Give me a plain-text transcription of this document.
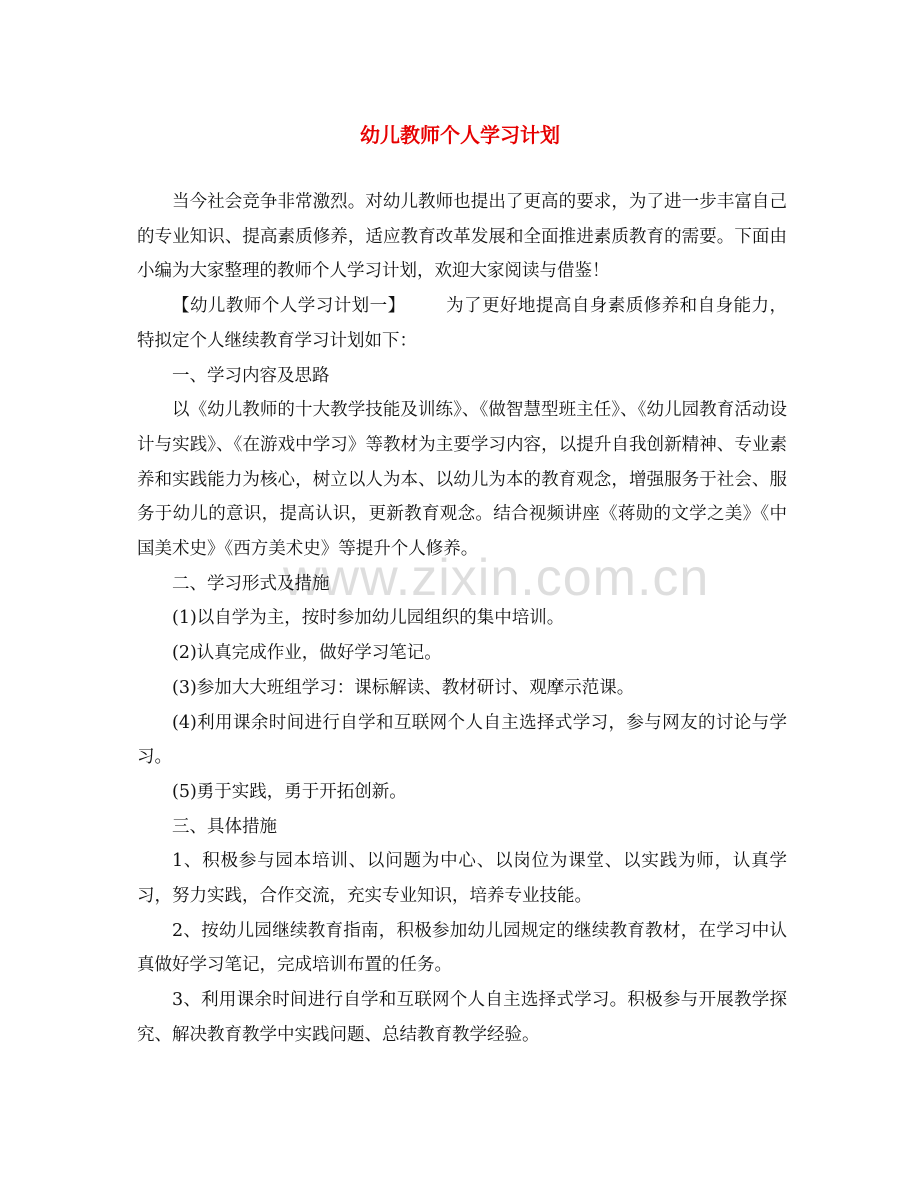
幼儿教师个人学习计划

当今社会竞争非常激烈。对幼儿教师也提出了更高的要求，为了进一步丰富自己的专业知识、提高素质修养，适应教育改革发展和全面推进素质教育的需要。下面由小编为大家整理的教师个人学习计划，欢迎大家阅读与借鉴！

【幼儿教师个人学习计划一】 为了更好地提高自身素质修养和自身能力，特拟定个人继续教育学习计划如下：

一、学习内容及思路

以《幼儿教师的十大教学技能及训练》、《做智慧型班主任》、《幼儿园教育活动设计与实践》、《在游戏中学习》等教材为主要学习内容，以提升自我创新精神、专业素养和实践能力为核心，树立以人为本、以幼儿为本的教育观念，增强服务于社会、服务于幼儿的意识，提高认识，更新教育观念。结合视频讲座《蒋勋的文学之美》《中国美术史》《西方美术史》等提升个人修养。

二、学习形式及措施

(1)以自学为主，按时参加幼儿园组织的集中培训。

(2)认真完成作业，做好学习笔记。

(3)参加大大班组学习：课标解读、教材研讨、观摩示范课。

(4)利用课余时间进行自学和互联网个人自主选择式学习，参与网友的讨论与学习。

(5)勇于实践，勇于开拓创新。

三、具体措施

1、积极参与园本培训、以问题为中心、以岗位为课堂、以实践为师，认真学习，努力实践，合作交流，充实专业知识，培养专业技能。

2、按幼儿园继续教育指南，积极参加幼儿园规定的继续教育教材，在学习中认真做好学习笔记，完成培训布置的任务。

3、利用课余时间进行自学和互联网个人自主选择式学习。积极参与开展教学探究、解决教育教学中实践问题、总结教育教学经验。

www.zixin.com.cn
